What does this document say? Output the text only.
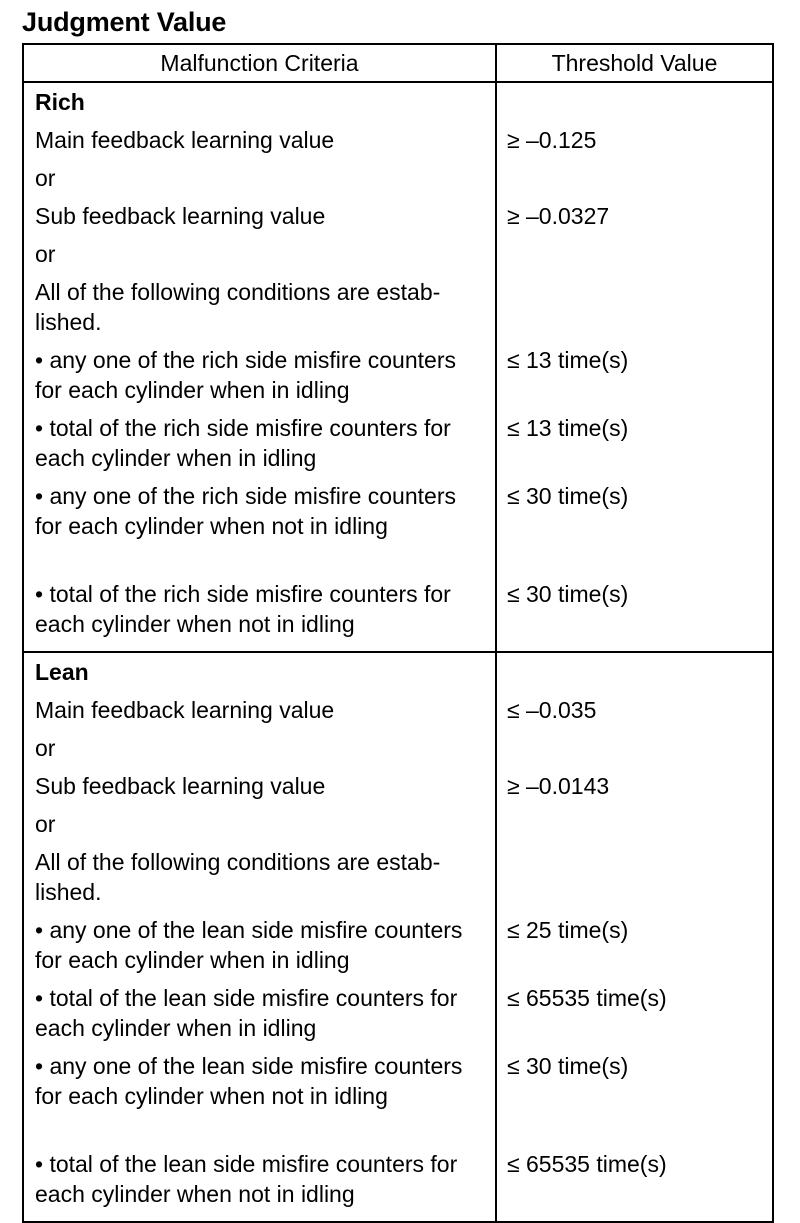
Judgment Value
Malfunction Criteria	Threshold Value
Rich	
Main feedback learning value	≥ –0.125
or	
Sub feedback learning value	≥ –0.0327
or	
All of the following conditions are estab-lished.	
• any one of the rich side misfire counters for each cylinder when in idling	≤ 13 time(s)
• total of the rich side misfire counters for each cylinder when in idling	≤ 13 time(s)
• any one of the rich side misfire counters for each cylinder when not in idling	≤ 30 time(s)
• total of the rich side misfire counters for each cylinder when not in idling	≤ 30 time(s)
Lean	
Main feedback learning value	≤ –0.035
or	
Sub feedback learning value	≥ –0.0143
or	
All of the following conditions are estab-lished.	
• any one of the lean side misfire counters for each cylinder when in idling	≤ 25 time(s)
• total of the lean side misfire counters for each cylinder when in idling	≤ 65535 time(s)
• any one of the lean side misfire counters for each cylinder when not in idling	≤ 30 time(s)
• total of the lean side misfire counters for each cylinder when not in idling	≤ 65535 time(s)
